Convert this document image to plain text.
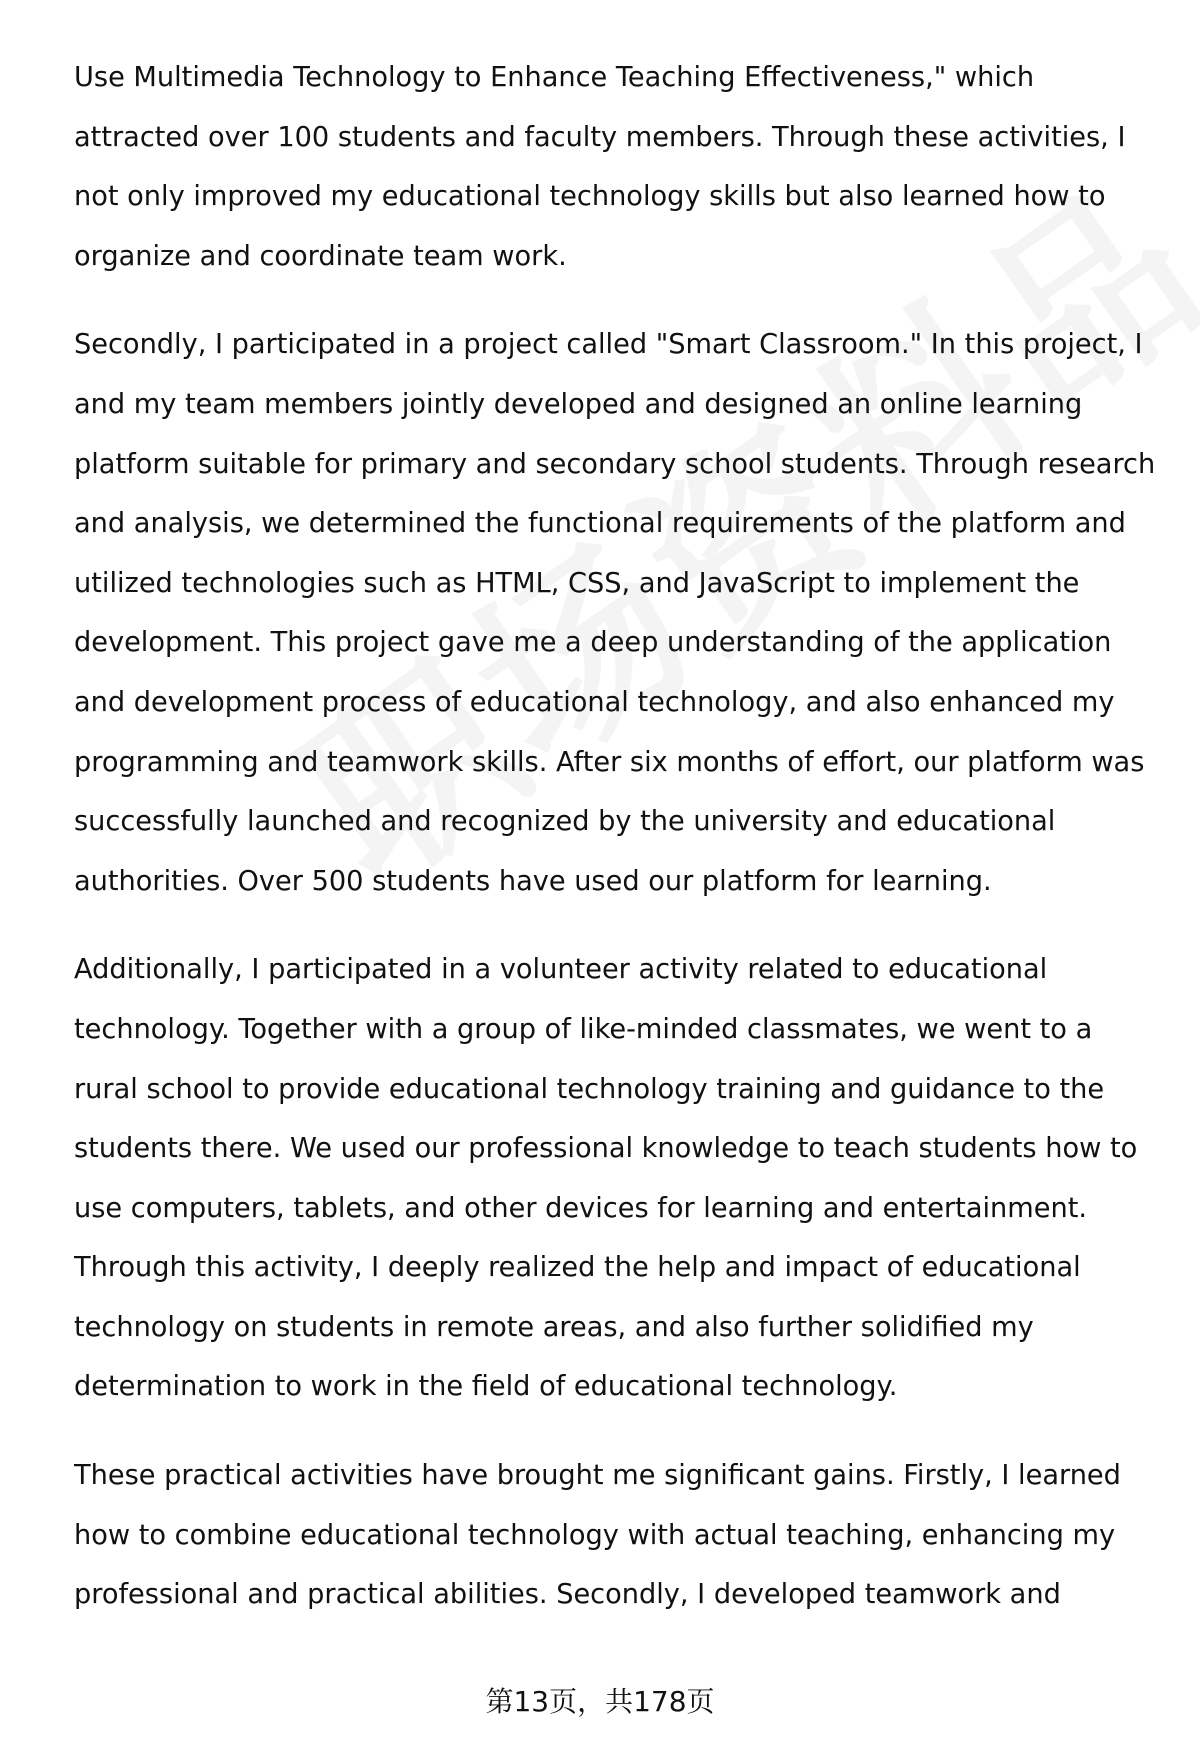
Use Multimedia Technology to Enhance Teaching Effectiveness," which attracted over 100 students and faculty members. Through these activities, I not only improved my educational technology skills but also learned how to organize and coordinate team work.

Secondly, I participated in a project called "Smart Classroom." In this project, I and my team members jointly developed and designed an online learning platform suitable for primary and secondary school students. Through research and analysis, we determined the functional requirements of the platform and utilized technologies such as HTML, CSS, and JavaScript to implement the development. This project gave me a deep understanding of the application and development process of educational technology, and also enhanced my programming and teamwork skills. After six months of effort, our platform was successfully launched and recognized by the university and educational authorities. Over 500 students have used our platform for learning.

Additionally, I participated in a volunteer activity related to educational technology. Together with a group of like-minded classmates, we went to a rural school to provide educational technology training and guidance to the students there. We used our professional knowledge to teach students how to use computers, tablets, and other devices for learning and entertainment. Through this activity, I deeply realized the help and impact of educational technology on students in remote areas, and also further solidified my determination to work in the field of educational technology.

These practical activities have brought me significant gains. Firstly, I learned how to combine educational technology with actual teaching, enhancing my professional and practical abilities. Secondly, I developed teamwork and

第13页，共178页
